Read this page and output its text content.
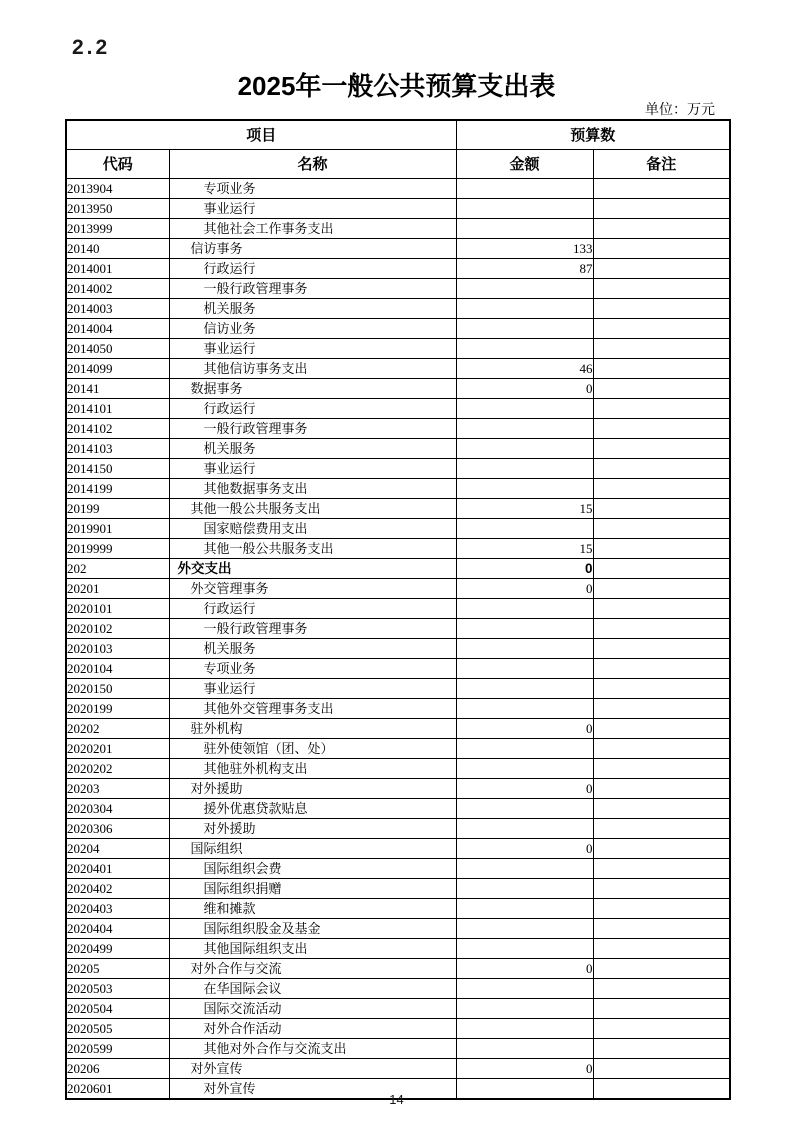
2.2
2025年一般公共预算支出表
单位：万元
项目		预算数	
代码	名称	金额	备注
2013904	专项业务		
2013950	事业运行		
2013999	其他社会工作事务支出		
20140	信访事务	133	
2014001	行政运行	87	
2014002	一般行政管理事务		
2014003	机关服务		
2014004	信访业务		
2014050	事业运行		
2014099	其他信访事务支出	46	
20141	数据事务	0	
2014101	行政运行		
2014102	一般行政管理事务		
2014103	机关服务		
2014150	事业运行		
2014199	其他数据事务支出		
20199	其他一般公共服务支出	15	
2019901	国家赔偿费用支出		
2019999	其他一般公共服务支出	15	
202	外交支出	0	
20201	外交管理事务	0	
2020101	行政运行		
2020102	一般行政管理事务		
2020103	机关服务		
2020104	专项业务		
2020150	事业运行		
2020199	其他外交管理事务支出		
20202	驻外机构	0	
2020201	驻外使领馆（团、处）		
2020202	其他驻外机构支出		
20203	对外援助	0	
2020304	援外优惠贷款贴息		
2020306	对外援助		
20204	国际组织	0	
2020401	国际组织会费		
2020402	国际组织捐赠		
2020403	维和摊款		
2020404	国际组织股金及基金		
2020499	其他国际组织支出		
20205	对外合作与交流	0	
2020503	在华国际会议		
2020504	国际交流活动		
2020505	对外合作活动		
2020599	其他对外合作与交流支出		
20206	对外宣传	0	
2020601	对外宣传		
14
